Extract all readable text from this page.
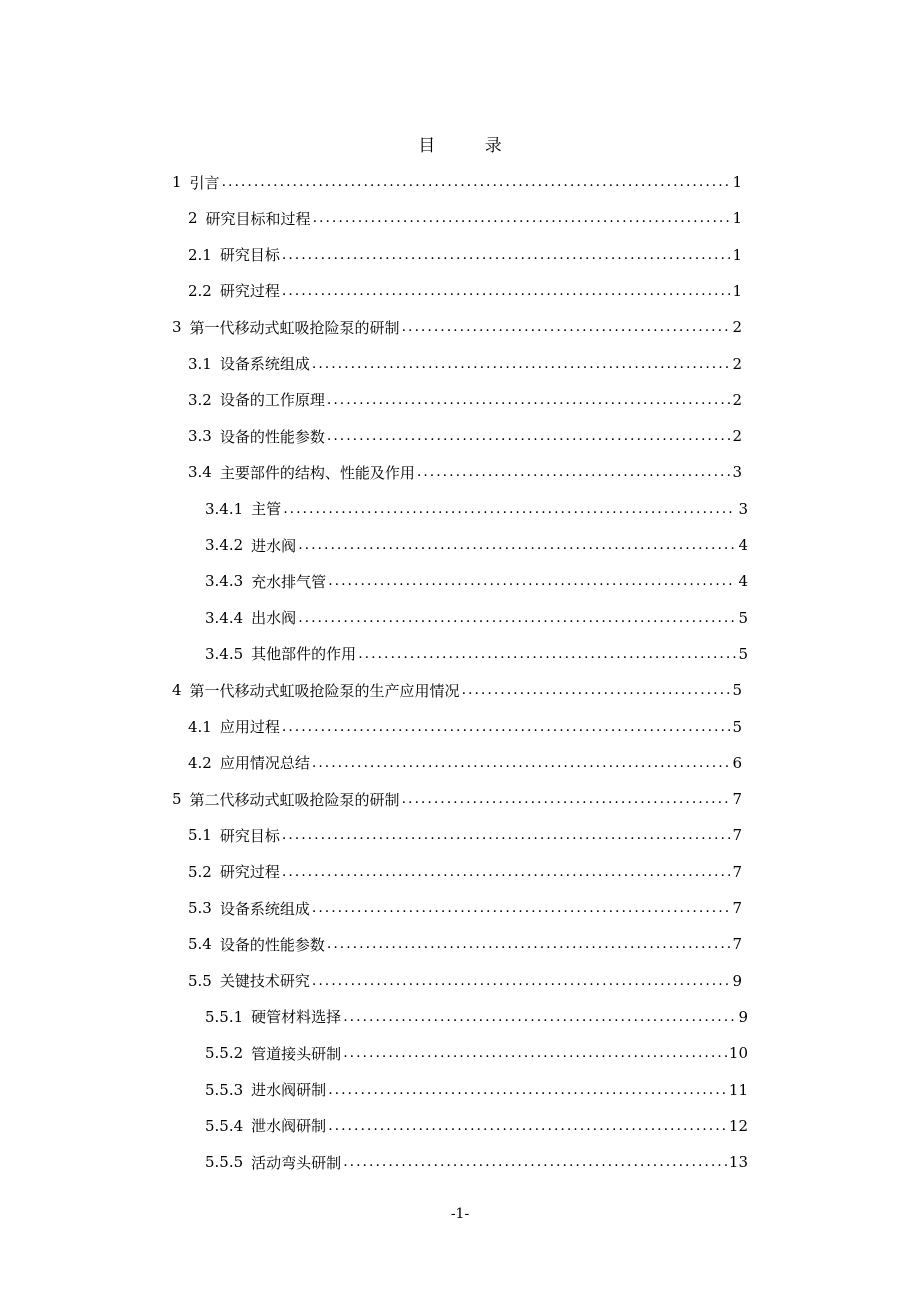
目 录
1 引言 .....	1
2 研究目标和过程 .....	1
2.1 研究目标 .....	1
2.2 研究过程 .....	1
3 第一代移动式虹吸抢险泵的研制 .....	2
3.1 设备系统组成 .....	2
3.2 设备的工作原理 .....	2
3.3 设备的性能参数 .....	2
3.4 主要部件的结构、性能及作用 .....	3
3.4.1 主管 .....	3
3.4.2 进水阀 .....	4
3.4.3 充水排气管 .....	4
3.4.4 出水阀 .....	5
3.4.5 其他部件的作用 .....	5
4 第一代移动式虹吸抢险泵的生产应用情况 .....	5
4.1 应用过程 .....	5
4.2 应用情况总结 .....	6
5 第二代移动式虹吸抢险泵的研制 .....	7
5.1 研究目标 .....	7
5.2 研究过程 .....	7
5.3 设备系统组成 .....	7
5.4 设备的性能参数 .....	7
5.5 关键技术研究 .....	9
5.5.1 硬管材料选择 .....	9
5.5.2 管道接头研制 .....	10
5.5.3 进水阀研制 .....	11
5.5.4 泄水阀研制 .....	12
5.5.5 活动弯头研制 .....	13
-1-
